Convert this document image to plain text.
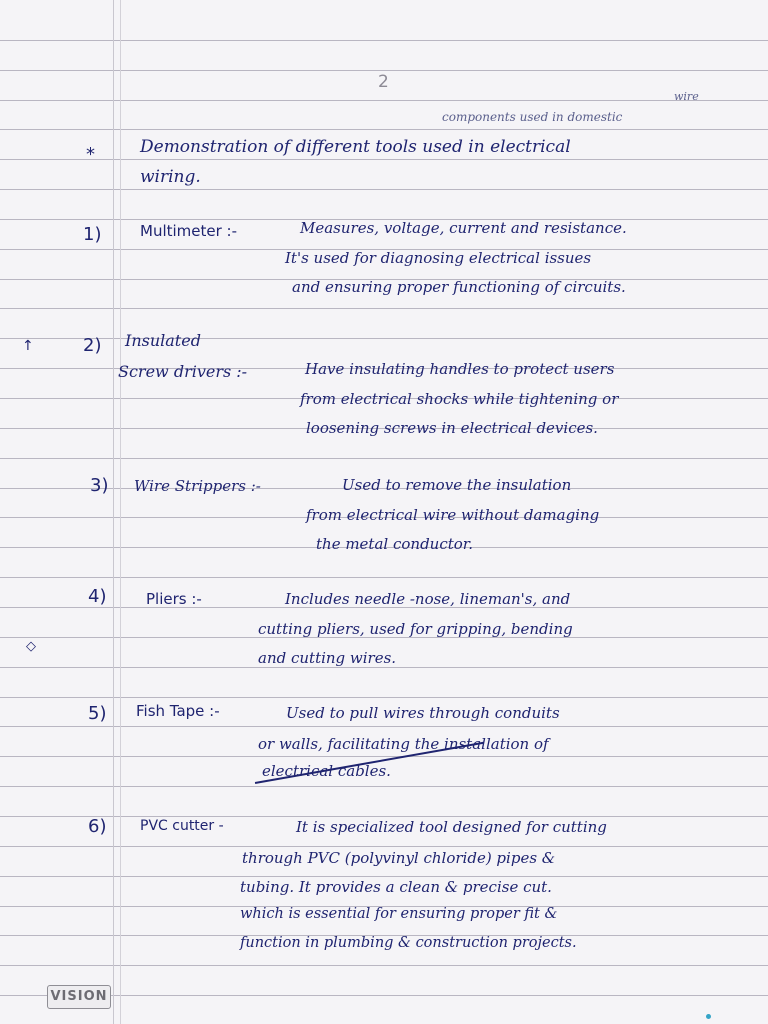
2
components used in domestic
wire
*	Demonstration of different tools used in electrical
wiring.
1)	Multimeter :-	Measures, voltage, current and resistance.
It's used for diagnosing electrical issues
and ensuring proper functioning of circuits.
↑	2) Insulated
Screw drivers :-	Have insulating handles to protect users
from electrical shocks while tightening or
loosening screws in electrical devices.
3) Wire Strippers :-	Used to remove the insulation
from electrical wire without damaging
the metal conductor.
4)	Pliers :-	Includes needle -nose, lineman's, and
cutting pliers, used for gripping, bending
and cutting wires.
◇
5) Fish Tape :-	Used to pull wires through conduits
or walls, facilitating the installation of
electrical cables.
6) PVC cutter -	It is specialized tool designed for cutting
through PVC (polyvinyl chloride) pipes &
tubing. It provides a clean & precise cut.
which is essential for ensuring proper fit &
function in plumbing & construction projects.
VISION
